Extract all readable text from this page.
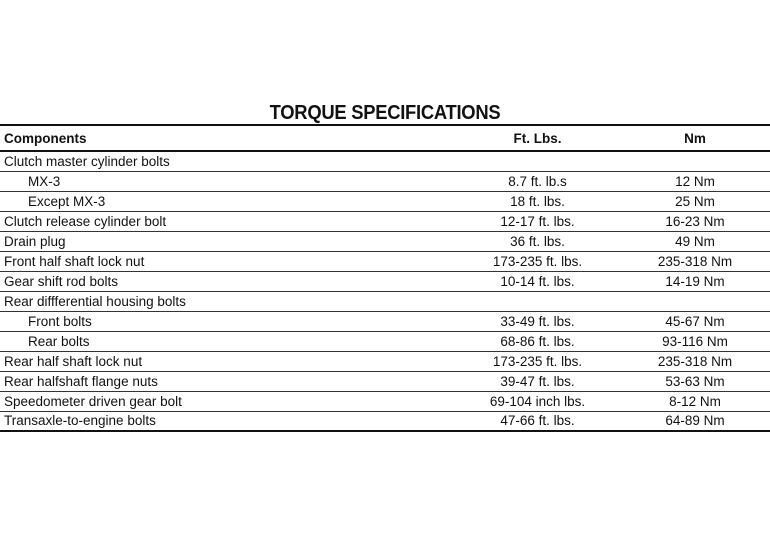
TORQUE SPECIFICATIONS
Components	Ft. Lbs.	Nm
Clutch master cylinder bolts		
MX-3	8.7 ft. lb.s	12 Nm
Except MX-3	18 ft. lbs.	25 Nm
Clutch release cylinder bolt	12-17 ft. lbs.	16-23 Nm
Drain plug	36 ft. lbs.	49 Nm
Front half shaft lock nut	173-235 ft. lbs.	235-318 Nm
Gear shift rod bolts	10-14 ft. lbs.	14-19 Nm
Rear diffferential housing bolts		
Front bolts	33-49 ft. lbs.	45-67 Nm
Rear bolts	68-86 ft. lbs.	93-116 Nm
Rear half shaft lock nut	173-235 ft. lbs.	235-318 Nm
Rear halfshaft flange nuts	39-47 ft. lbs.	53-63 Nm
Speedometer driven gear bolt	69-104 inch lbs.	8-12 Nm
Transaxle-to-engine bolts	47-66 ft. lbs.	64-89 Nm
